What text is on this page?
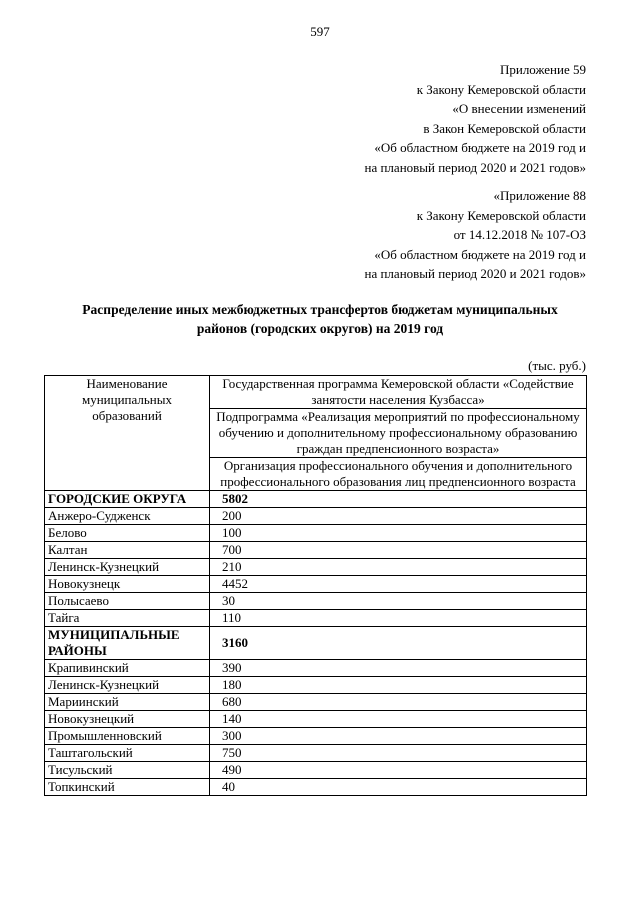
597
Приложение 59
к Закону Кемеровской области
«О внесении изменений
в Закон Кемеровской области
«Об областном бюджете на 2019 год и
на плановый период 2020 и 2021 годов»
«Приложение 88
к Закону Кемеровской области
от 14.12.2018 № 107-ОЗ
«Об областном бюджете на 2019 год и
на плановый период 2020 и 2021 годов»
Распределение иных межбюджетных трансфертов бюджетам муниципальных
районов (городских округов) на 2019 год
(тыс. руб.)
Наименование муниципальных образований	Государственная программа Кемеровской области «Содействие занятости населения Кузбасса»
	Подпрограмма «Реализация мероприятий по профессиональному обучению и дополнительному профессиональному образованию граждан предпенсионного возраста»
	Организация профессионального обучения и дополнительного профессионального образования лиц предпенсионного возраста
ГОРОДСКИЕ ОКРУГА	5802
Анжеро-Судженск	200
Белово	100
Калтан	700
Ленинск-Кузнецкий	210
Новокузнецк	4452
Полысаево	30
Тайга	110
МУНИЦИПАЛЬНЫЕ РАЙОНЫ	3160
Крапивинский	390
Ленинск-Кузнецкий	180
Мариинский	680
Новокузнецкий	140
Промышленновский	300
Таштагольский	750
Тисульский	490
Топкинский	40
